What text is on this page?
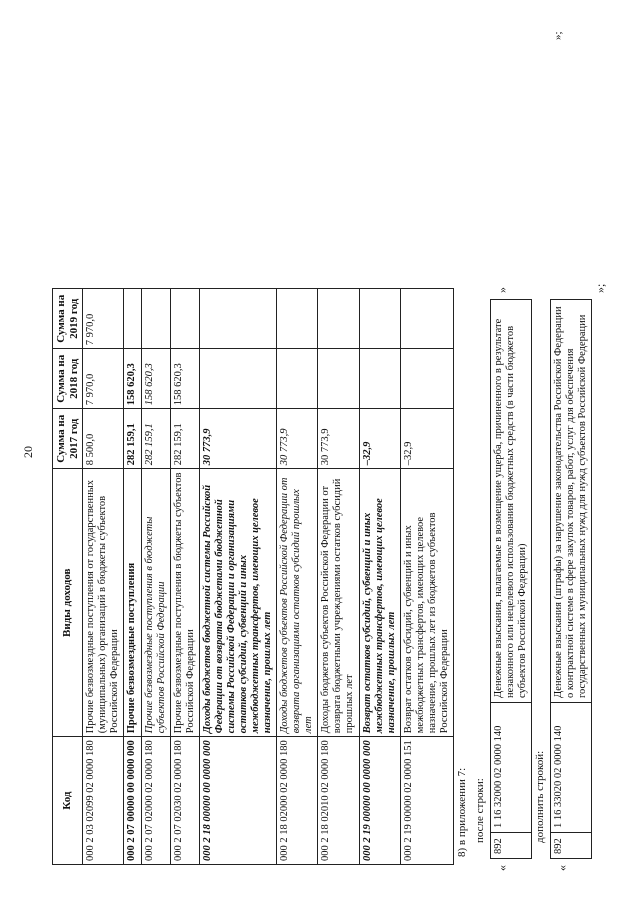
20
Код	Виды доходов	Сумма на 2017 год	Сумма на 2018 год	Сумма на 2019 год
000 2 03 02099 02 0000 180	Прочие безвозмездные поступления от государственных (муниципальных) организаций в бюджеты субъектов Российской Федерации	8 500,0	7 970,0	7 970,0
000 2 07 00000 00 0000 000	Прочие безвозмездные поступления	282 159,1	158 620,3	
000 2 07 02000 02 0000 180	Прочие безвозмездные поступления в бюджеты субъектов Российской Федерации	282 159,1	158 620,3	
000 2 07 02030 02 0000 180	Прочие безвозмездные поступления в бюджеты субъектов Российской Федерации	282 159,1	158 620,3	
000 2 18 00000 00 0000 000	Доходы бюджетов бюджетной системы Российской Федерации от возврата бюджетами бюджетной системы Российской Федерации и организациями остатков субсидий, субвенций и иных межбюджетных трансфертов, имеющих целевое назначение, прошлых лет	30 773,9		
000 2 18 02000 02 0000 180	Доходы бюджетов субъектов Российской Федерации от возврата организациями остатков субсидий прошлых лет	30 773,9		
000 2 18 02010 02 0000 180	Доходы бюджетов субъектов Российской Федерации от возврата бюджетными учреждениями остатков субсидий прошлых лет	30 773,9		
000 2 19 00000 00 0000 000	Возврат остатков субсидий, субвенций и иных межбюджетных трансфертов, имеющих целевое назначение, прошлых лет	–32,9		
000 2 19 00000 02 0000 151	Возврат остатков субсидий, субвенций и иных межбюджетных трансфертов, имеющих целевое назначение, прошлых лет из бюджетов субъектов Российской Федерации	–32,9		
»;
8) в приложении 7: после строки:
«
892	1 16 32000 02 0000 140	Денежные взыскания, налагаемые в возмещение ущерба, причиненного в результате незаконного или нецелевого использования бюджетных средств (в части бюджетов субъектов Российской Федерации)
»
дополнить строкой:
«
892	1 16 33020 02 0000 140	Денежные взыскания (штрафы) за нарушение законодательства Российской Федерации о контрактной системе в сфере закупок товаров, работ, услуг для обеспечения государственных и муниципальных нужд для нужд субъектов Российской Федерации
»;
